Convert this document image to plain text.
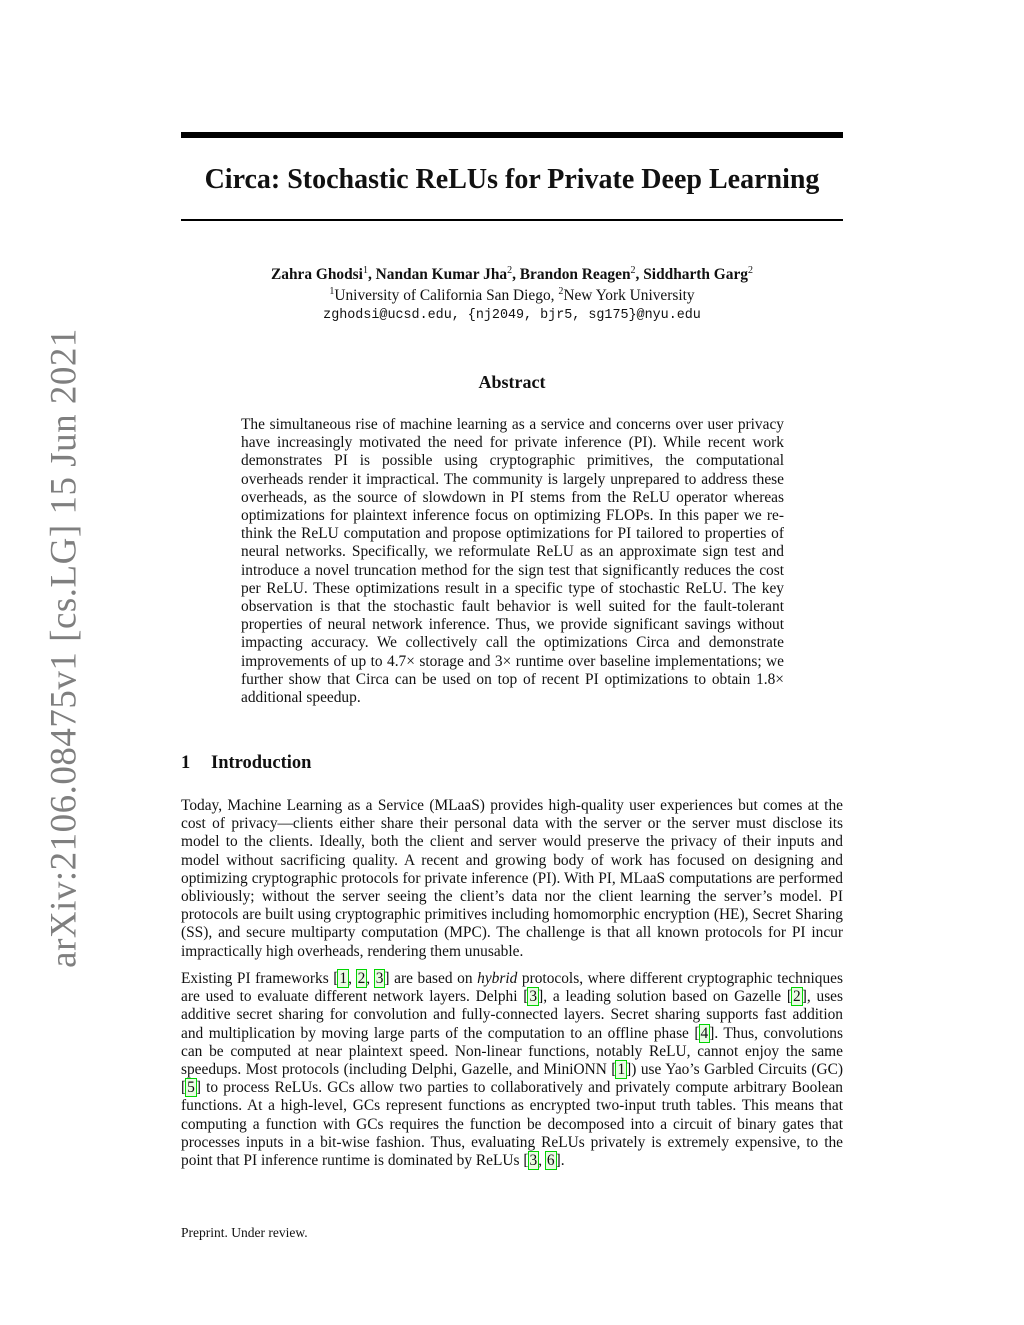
arXiv:2106.08475v1 [cs.LG] 15 Jun 2021
Circa: Stochastic ReLUs for Private Deep Learning
Zahra Ghodsi$^1$, Nandan Kumar Jha$^2$, Brandon Reagen$^2$, Siddharth Garg$^2$
$^1$University of California San Diego, $^2$New York University
zghodsi@ucsd.edu, {nj2049, bjr5, sg175}@nyu.edu
Abstract

The simultaneous rise of machine learning as a service and concerns over user privacy have increasingly motivated the need for private inference (PI). While recent work demonstrates PI is possible using cryptographic primitives, the computational overheads render it impractical. The community is largely unprepared to address these overheads, as the source of slowdown in PI stems from the ReLU operator whereas optimizations for plaintext inference focus on optimizing FLOPs. In this paper we re-think the ReLU computation and propose optimizations for PI tailored to properties of neural networks. Specifically, we reformulate ReLU as an approximate sign test and introduce a novel truncation method for the sign test that significantly reduces the cost per ReLU. These optimizations result in a specific type of stochastic ReLU. The key observation is that the stochastic fault behavior is well suited for the fault-tolerant properties of neural network inference. Thus, we provide significant savings without impacting accuracy. We collectively call the optimizations Circa and demonstrate improvements of up to 4.7× storage and 3× runtime over baseline implementations; we further show that Circa can be used on top of recent PI optimizations to obtain 1.8× additional speedup.

1 Introduction

Today, Machine Learning as a Service (MLaaS) provides high-quality user experiences but comes at the cost of privacy—clients either share their personal data with the server or the server must disclose its model to the clients. Ideally, both the client and server would preserve the privacy of their inputs and model without sacrificing quality. A recent and growing body of work has focused on designing and optimizing cryptographic protocols for private inference (PI). With PI, MLaaS computations are performed obliviously; without the server seeing the client’s data nor the client learning the server’s model. PI protocols are built using cryptographic primitives including homomorphic encryption (HE), Secret Sharing (SS), and secure multiparty computation (MPC). The challenge is that all known protocols for PI incur impractically high overheads, rendering them unusable.

Existing PI frameworks [1, 2, 3] are based on hybrid protocols, where different cryptographic techniques are used to evaluate different network layers. Delphi [3], a leading solution based on Gazelle [2], uses additive secret sharing for convolution and fully-connected layers. Secret sharing supports fast addition and multiplication by moving large parts of the computation to an offline phase [4]. Thus, convolutions can be computed at near plaintext speed. Non-linear functions, notably ReLU, cannot enjoy the same speedups. Most protocols (including Delphi, Gazelle, and MiniONN [1]) use Yao’s Garbled Circuits (GC) [5] to process ReLUs. GCs allow two parties to collaboratively and privately compute arbitrary Boolean functions. At a high-level, GCs represent functions as encrypted two-input truth tables. This means that computing a function with GCs requires the function be decomposed into a circuit of binary gates that processes inputs in a bit-wise fashion. Thus, evaluating ReLUs privately is extremely expensive, to the point that PI inference runtime is dominated by ReLUs [3, 6].

Preprint. Under review.
